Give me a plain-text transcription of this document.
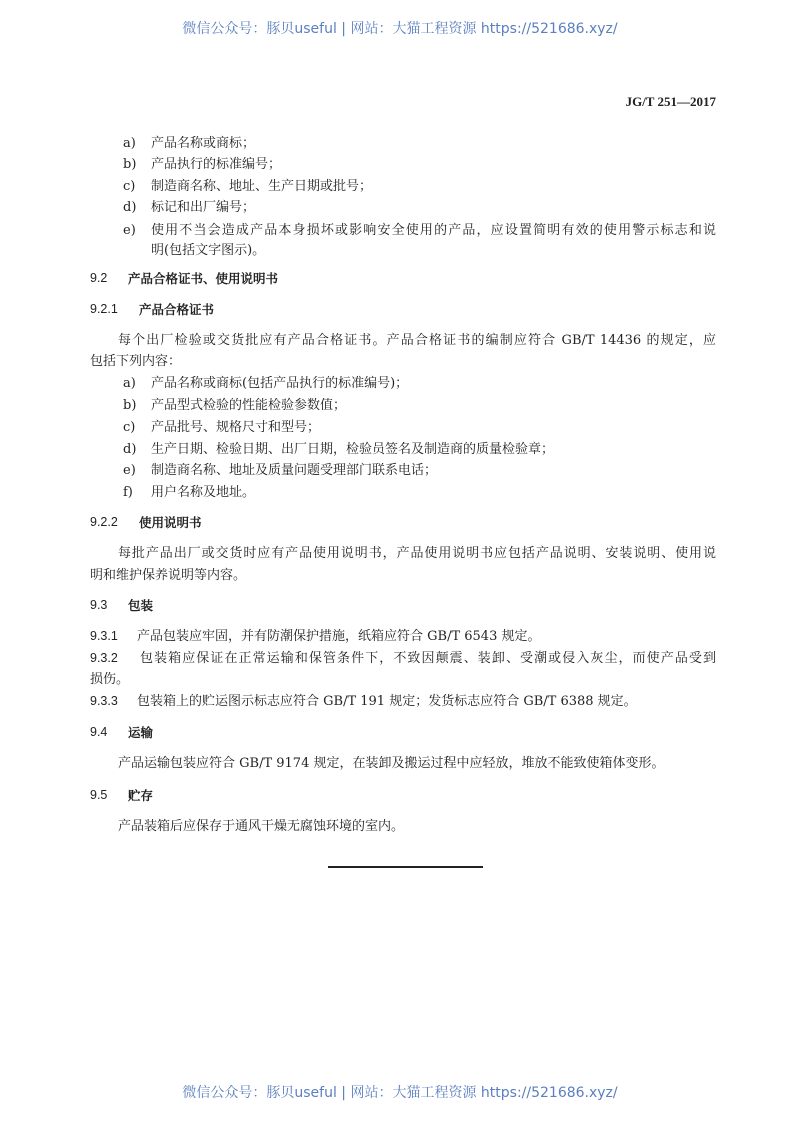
微信公众号：豚贝useful | 网站：大猫工程资源 https://521686.xyz/
JG/T 251—2017
a) 产品名称或商标；
b) 产品执行的标准编号；
c) 制造商名称、地址、生产日期或批号；
d) 标记和出厂编号；
e) 使用不当会造成产品本身损坏或影响安全使用的产品，应设置简明有效的使用警示标志和说
明(包括文字图示)。
9.2 产品合格证书、使用说明书
9.2.1 产品合格证书
每个出厂检验或交货批应有产品合格证书。产品合格证书的编制应符合 GB/T 14436 的规定，应
包括下列内容：
a) 产品名称或商标(包括产品执行的标准编号)；
b) 产品型式检验的性能检验参数值；
c) 产品批号、规格尺寸和型号；
d) 生产日期、检验日期、出厂日期，检验员签名及制造商的质量检验章；
e) 制造商名称、地址及质量问题受理部门联系电话；
f) 用户名称及地址。
9.2.2 使用说明书
每批产品出厂或交货时应有产品使用说明书，产品使用说明书应包括产品说明、安装说明、使用说
明和维护保养说明等内容。
9.3 包装
9.3.1 产品包装应牢固，并有防潮保护措施，纸箱应符合 GB/T 6543 规定。
9.3.2 包装箱应保证在正常运输和保管条件下，不致因颠震、装卸、受潮或侵入灰尘，而使产品受到
损伤。
9.3.3 包装箱上的贮运图示标志应符合 GB/T 191 规定；发货标志应符合 GB/T 6388 规定。
9.4 运输
产品运输包装应符合 GB/T 9174 规定，在装卸及搬运过程中应轻放，堆放不能致使箱体变形。
9.5 贮存
产品装箱后应保存于通风干燥无腐蚀环境的室内。
微信公众号：豚贝useful | 网站：大猫工程资源 https://521686.xyz/
